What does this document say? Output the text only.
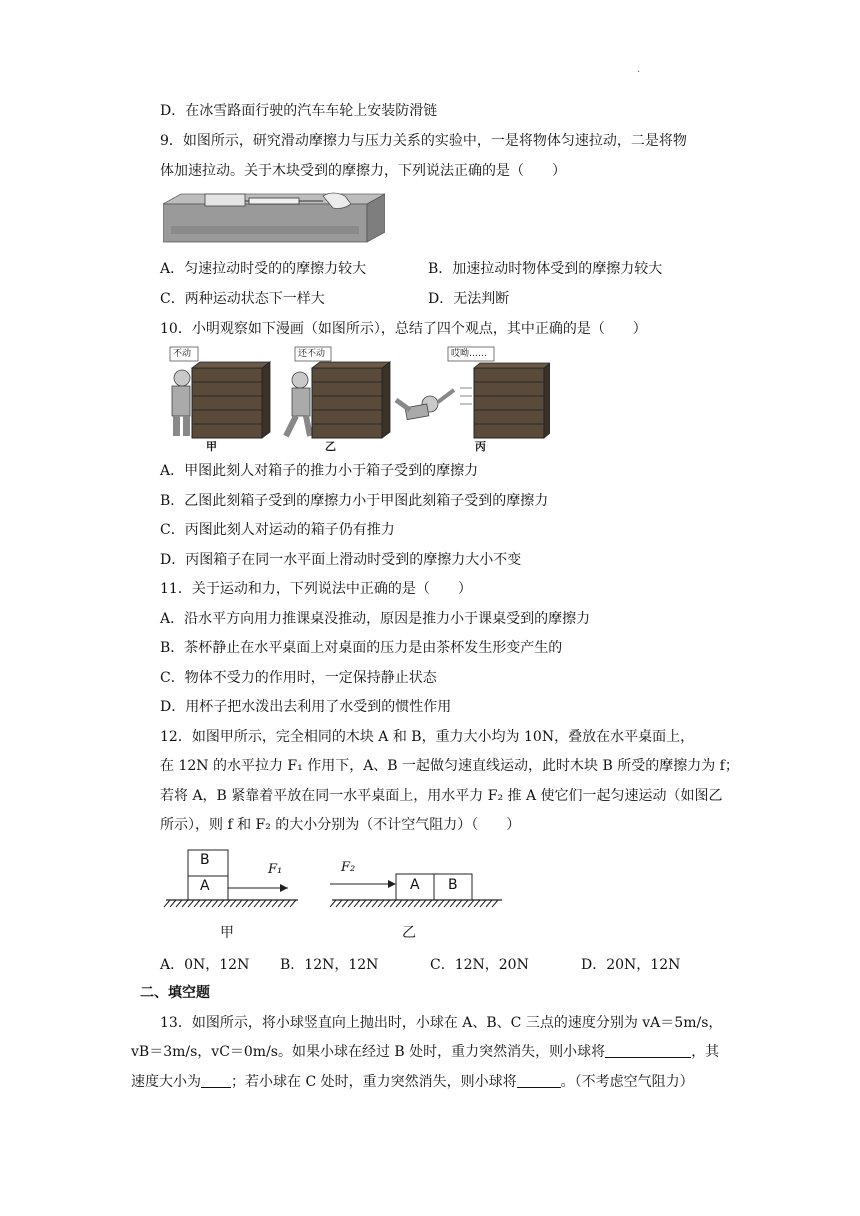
.
D．在冰雪路面行驶的汽车车轮上安装防滑链
9．如图所示，研究滑动摩擦力与压力关系的实验中，一是将物体匀速拉动，二是将物
体加速拉动。关于木块受到的摩擦力，下列说法正确的是（　　）
A．匀速拉动时受的的摩擦力较大	B．加速拉动时物体受到的摩擦力较大
C．两种运动状态下一样大	D．无法判断
10．小明观察如下漫画（如图所示），总结了四个观点，其中正确的是（　　）
不动	还不动	哎呦……
甲	乙	丙
A．甲图此刻人对箱子的推力小于箱子受到的摩擦力
B．乙图此刻箱子受到的摩擦力小于甲图此刻箱子受到的摩擦力
C．丙图此刻人对运动的箱子仍有推力
D．丙图箱子在同一水平面上滑动时受到的摩擦力大小不变
11．关于运动和力，下列说法中正确的是（　　）
A．沿水平方向用力推课桌没推动，原因是推力小于课桌受到的摩擦力
B．茶杯静止在水平桌面上对桌面的压力是由茶杯发生形变产生的
C．物体不受力的作用时，一定保持静止状态
D．用杯子把水泼出去利用了水受到的惯性作用
12．如图甲所示，完全相同的木块 A 和 B，重力大小均为 10N，叠放在水平桌面上，
在 12N 的水平拉力 F₁ 作用下，A、B 一起做匀速直线运动，此时木块 B 所受的摩擦力为 f；
若将 A，B 紧靠着平放在同一水平桌面上，用水平力 F₂ 推 A 使它们一起匀速运动（如图乙
所示），则 f 和 F₂ 的大小分别为（不计空气阻力）（　　）
B
A
F₁	F₂
A B
甲	乙
A．0N，12N B．12N，12N	C．12N，20N	D．20N，12N
二、填空题
13．如图所示，将小球竖直向上抛出时，小球在 A、B、C 三点的速度分别为 vA＝5m/s，
vB＝3m/s，vC＝0m/s。如果小球在经过 B 处时，重力突然消失，则小球将	，其
速度大小为 ；若小球在 C 处时，重力突然消失，则小球将	。（不考虑空气阻力）
